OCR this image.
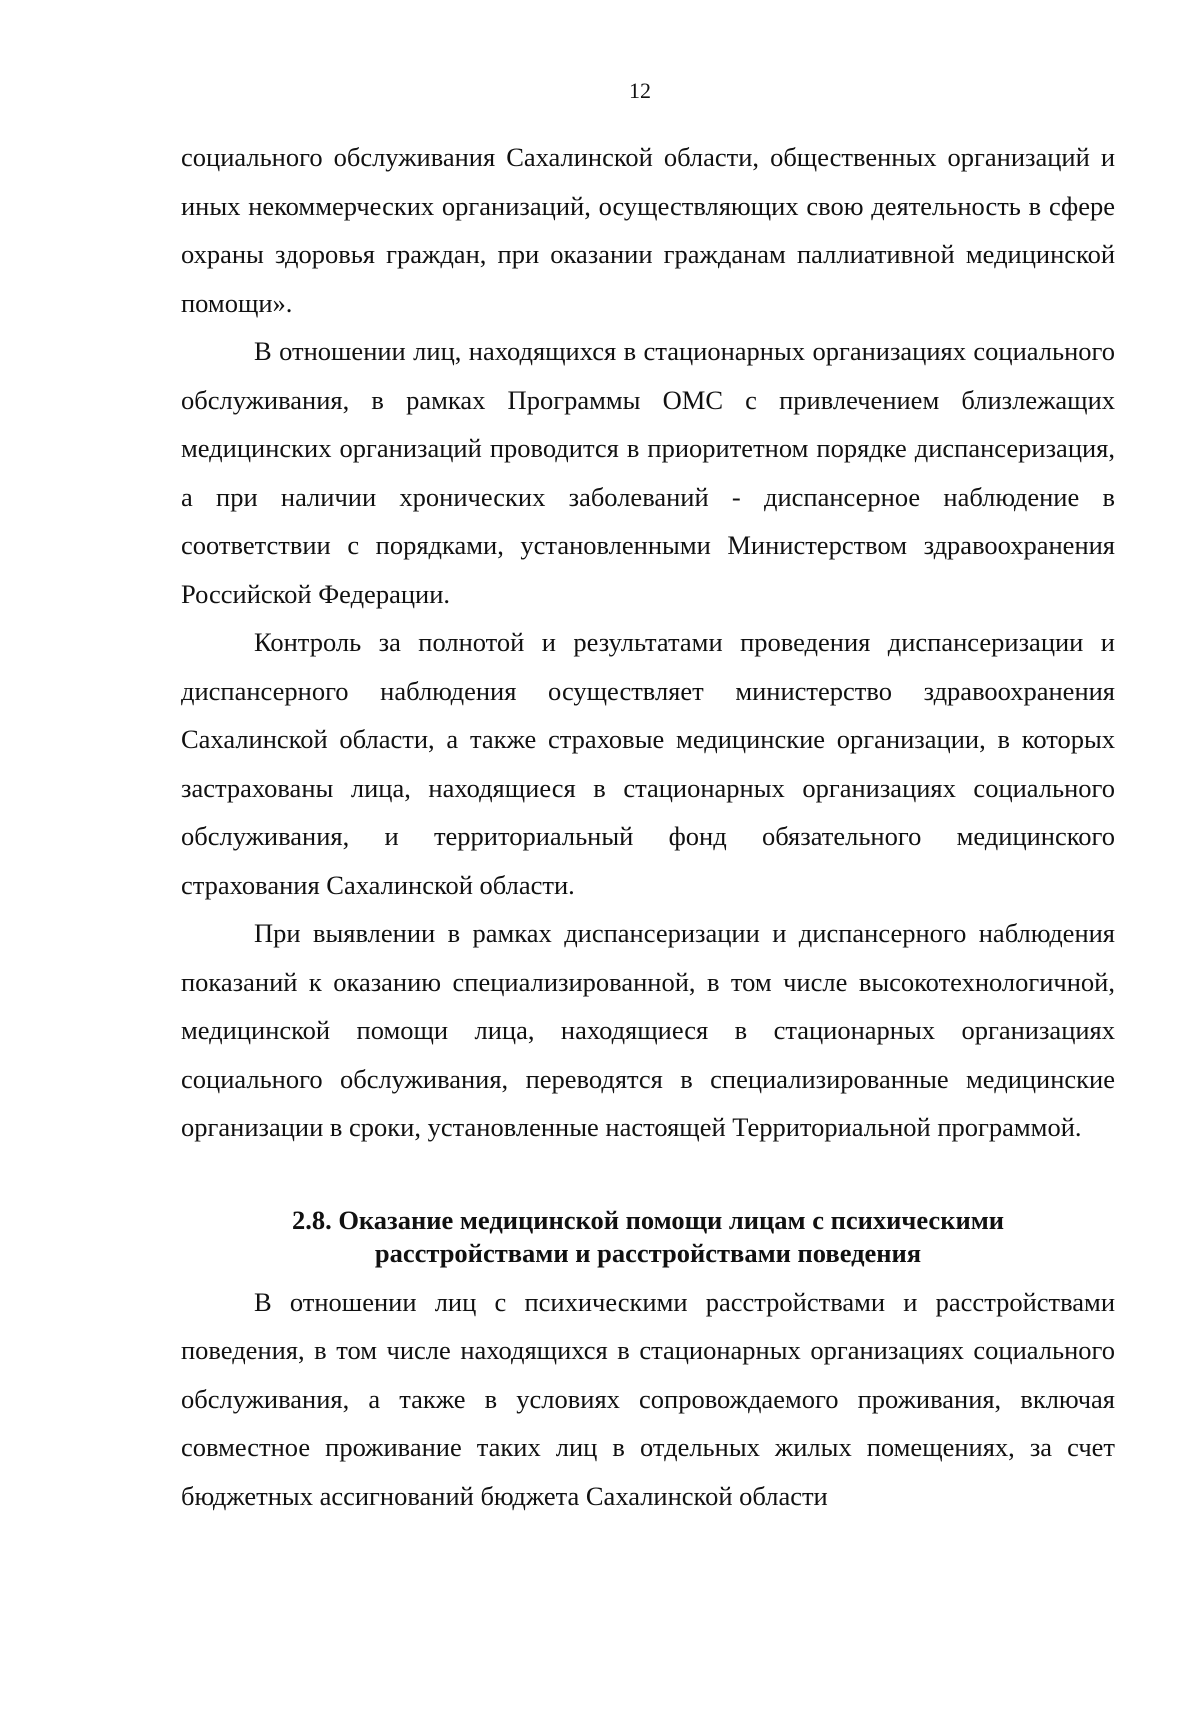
12

социального обслуживания Сахалинской области, общественных организаций и иных некоммерческих организаций, осуществляющих свою деятельность в сфере охраны здоровья граждан, при оказании гражданам паллиативной медицинской помощи».

В отношении лиц, находящихся в стационарных организациях социального обслуживания, в рамках Программы ОМС с привлечением близлежащих медицинских организаций проводится в приоритетном порядке диспансеризация, а при наличии хронических заболеваний - диспансерное наблюдение в соответствии с порядками, установленными Министерством здравоохранения Российской Федерации.

Контроль за полнотой и результатами проведения диспансеризации и диспансерного наблюдения осуществляет министерство здравоохранения Сахалинской области, а также страховые медицинские организации, в которых застрахованы лица, находящиеся в стационарных организациях социального обслуживания, и территориальный фонд обязательного медицинского страхования Сахалинской области.

При выявлении в рамках диспансеризации и диспансерного наблюдения показаний к оказанию специализированной, в том числе высокотехнологичной, медицинской помощи лица, находящиеся в стационарных организациях социального обслуживания, переводятся в специализированные медицинские организации в сроки, установленные настоящей Территориальной программой.

2.8. Оказание медицинской помощи лицам с психическими
расстройствами и расстройствами поведения

В отношении лиц с психическими расстройствами и расстройствами поведения, в том числе находящихся в стационарных организациях социального обслуживания, а также в условиях сопровождаемого проживания, включая совместное проживание таких лиц в отдельных жилых помещениях, за счет бюджетных ассигнований бюджета Сахалинской области
